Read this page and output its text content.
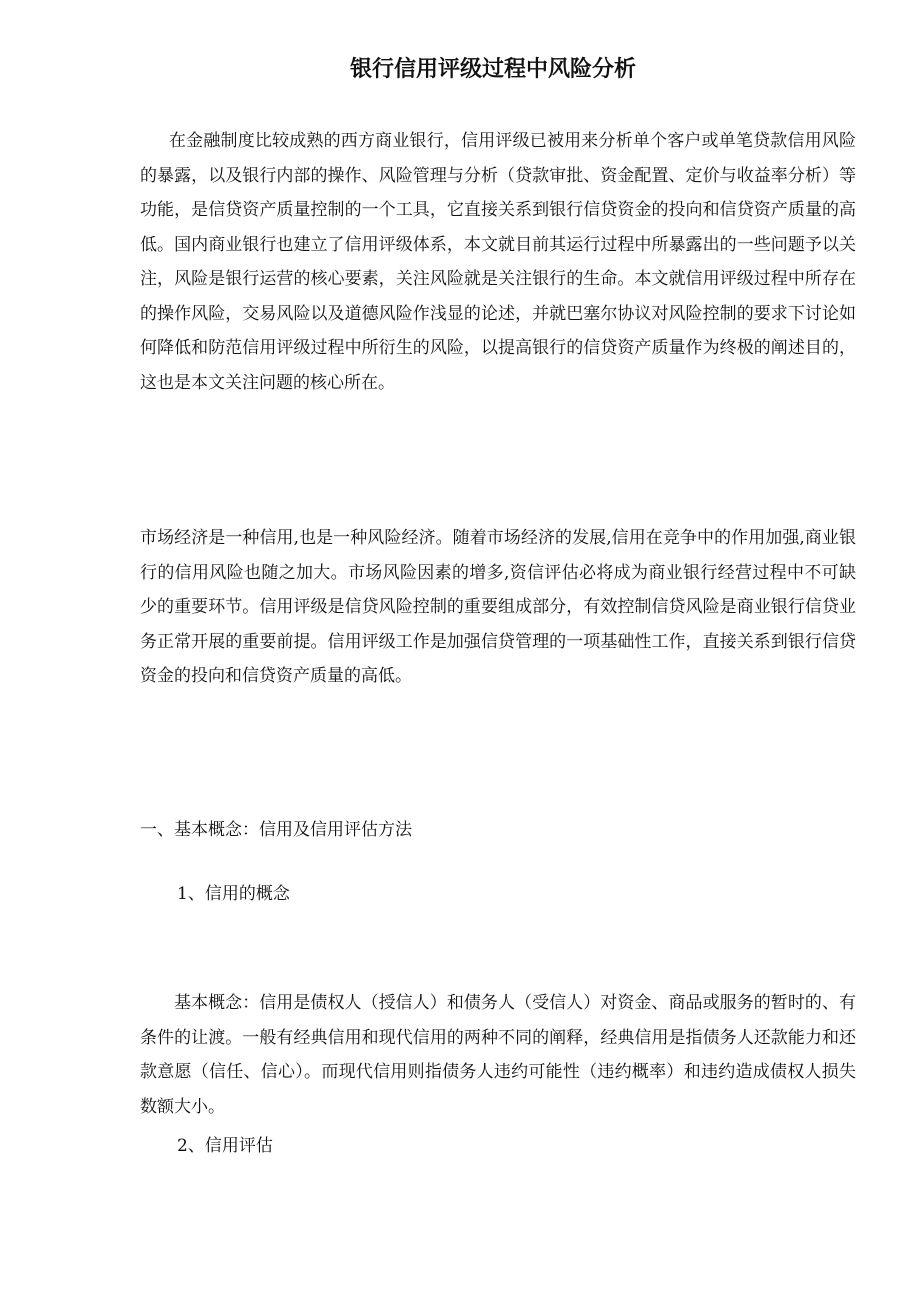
银行信用评级过程中风险分析

在金融制度比较成熟的西方商业银行，信用评级已被用来分析单个客户或单笔贷款信用风险的暴露，以及银行内部的操作、风险管理与分析（贷款审批、资金配置、定价与收益率分析）等功能，是信贷资产质量控制的一个工具，它直接关系到银行信贷资金的投向和信贷资产质量的高低。国内商业银行也建立了信用评级体系，本文就目前其运行过程中所暴露出的一些问题予以关注，风险是银行运营的核心要素，关注风险就是关注银行的生命。本文就信用评级过程中所存在的操作风险，交易风险以及道德风险作浅显的论述，并就巴塞尔协议对风险控制的要求下讨论如何降低和防范信用评级过程中所衍生的风险，以提高银行的信贷资产质量作为终极的阐述目的，这也是本文关注问题的核心所在。

市场经济是一种信用,也是一种风险经济。随着市场经济的发展,信用在竞争中的作用加强,商业银行的信用风险也随之加大。市场风险因素的增多,资信评估必将成为商业银行经营过程中不可缺少的重要环节。信用评级是信贷风险控制的重要组成部分，有效控制信贷风险是商业银行信贷业务正常开展的重要前提。信用评级工作是加强信贷管理的一项基础性工作，直接关系到银行信贷资金的投向和信贷资产质量的高低。

一、基本概念：信用及信用评估方法

1、信用的概念

基本概念：信用是债权人（授信人）和债务人（受信人）对资金、商品或服务的暂时的、有条件的让渡。一般有经典信用和现代信用的两种不同的阐释，经典信用是指债务人还款能力和还款意愿（信任、信心）。而现代信用则指债务人违约可能性（违约概率）和违约造成债权人损失数额大小。

2、信用评估
